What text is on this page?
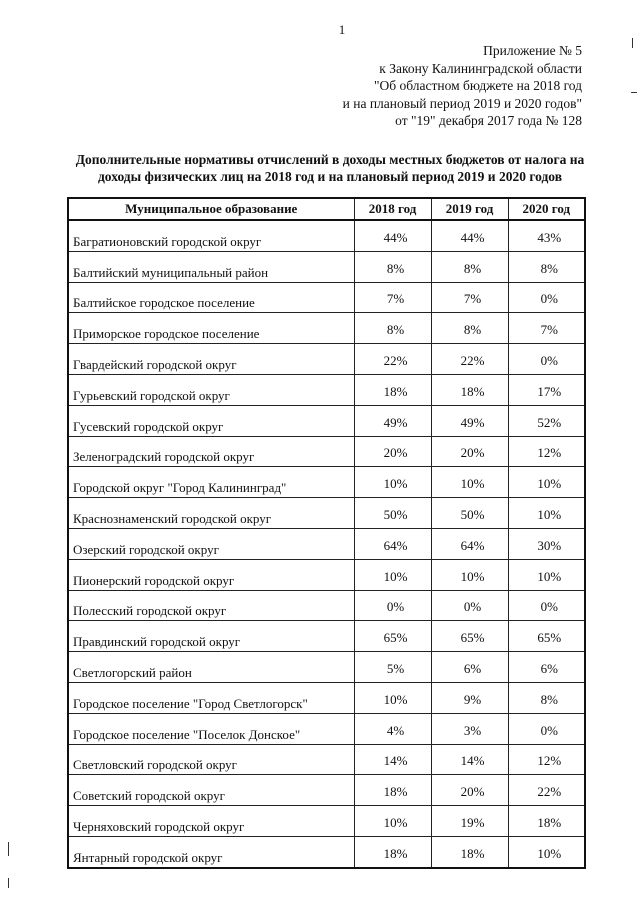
1
Приложение № 5
к Закону Калининградской области
"Об областном бюджете на 2018 год
и на плановый период 2019 и 2020 годов"
от "19" декабря 2017 года № 128
Дополнительные нормативы отчислений в доходы местных бюджетов от налога на
доходы физических лиц на 2018 год и на плановый период 2019 и 2020 годов
Муниципальное образование	2018 год	2019 год	2020 год
Багратионовский городской округ	44%	44%	43%
Балтийский муниципальный район	8%	8%	8%
Балтийское городское поселение	7%	7%	0%
Приморское городское поселение	8%	8%	7%
Гвардейский городской округ	22%	22%	0%
Гурьевский городской округ	18%	18%	17%
Гусевский городской округ	49%	49%	52%
Зеленоградский городской округ	20%	20%	12%
Городской округ "Город Калининград"	10%	10%	10%
Краснознаменский городской округ	50%	50%	10%
Озерский городской округ	64%	64%	30%
Пионерский городской округ	10%	10%	10%
Полесский городской округ	0%	0%	0%
Правдинский городской округ	65%	65%	65%
Светлогорский район	5%	6%	6%
Городское поселение "Город Светлогорск"	10%	9%	8%
Городское поселение "Поселок Донское"	4%	3%	0%
Светловский городской округ	14%	14%	12%
Советский городской округ	18%	20%	22%
Черняховский городской округ	10%	19%	18%
Янтарный городской округ	18%	18%	10%
